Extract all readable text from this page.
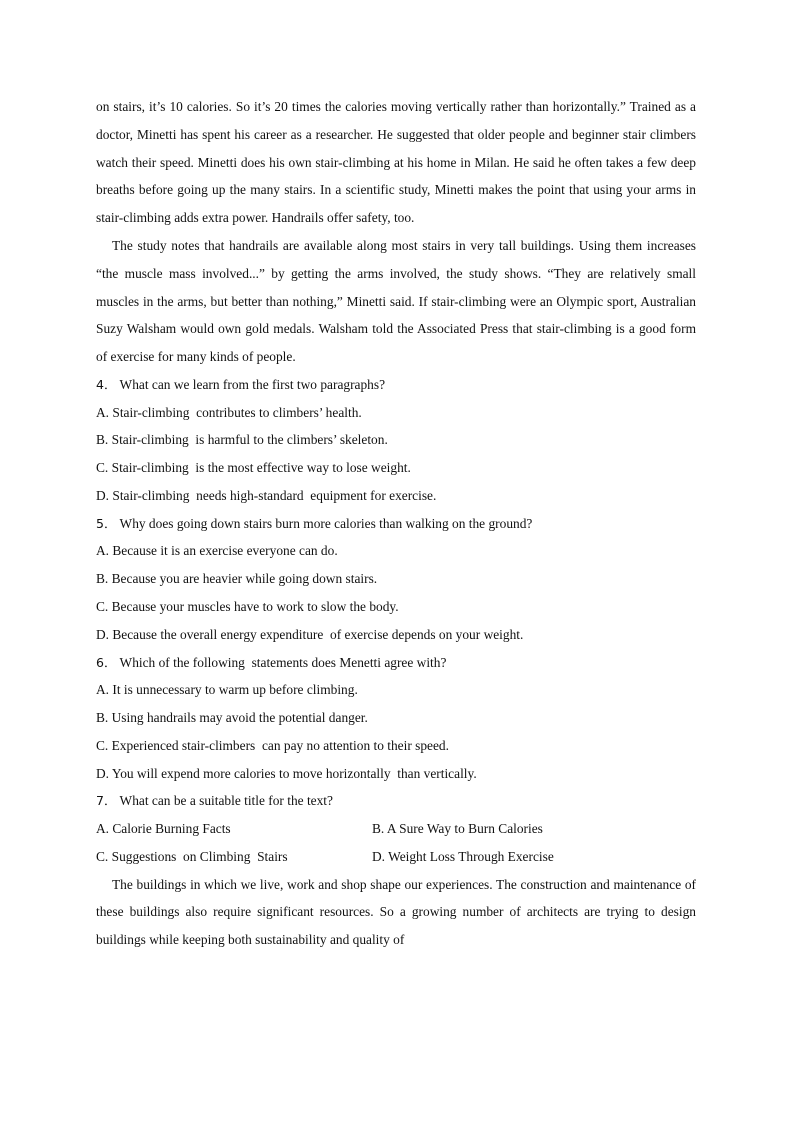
on stairs, it’s 10 calories. So it’s 20 times the calories moving vertically rather than horizontally.” Trained as a doctor, Minetti has spent his career as a researcher. He suggested that older people and beginner stair climbers watch their speed. Minetti does his own stair-climbing at his home in Milan. He said he often takes a few deep breaths before going up the many stairs. In a scientific study, Minetti makes the point that using your arms in stair-climbing adds extra power. Handrails offer safety, too.

The study notes that handrails are available along most stairs in very tall buildings. Using them increases “the muscle mass involved...” by getting the arms involved, the study shows. “They are relatively small muscles in the arms, but better than nothing,” Minetti said. If stair-climbing were an Olympic sport, Australian Suzy Walsham would own gold medals. Walsham told the Associated Press that stair-climbing is a good form of exercise for many kinds of people.

4． What can we learn from the first two paragraphs?

A. Stair-climbing  contributes to climbers’ health.

B. Stair-climbing  is harmful to the climbers’ skeleton.

C. Stair-climbing  is the most effective way to lose weight.

D. Stair-climbing  needs high-standard  equipment for exercise.

5． Why does going down stairs burn more calories than walking on the ground?

A. Because it is an exercise everyone can do.

B. Because you are heavier while going down stairs.

C. Because your muscles have to work to slow the body.

D. Because the overall energy expenditure  of exercise depends on your weight.

6． Which of the following  statements does Menetti agree with?

A. It is unnecessary to warm up before climbing.

B. Using handrails may avoid the potential danger.

C. Experienced stair-climbers  can pay no attention to their speed.

D. You will expend more calories to move horizontally  than vertically.

7． What can be a suitable title for the text?

A. Calorie Burning Facts	B. A Sure Way to Burn Calories
C. Suggestions  on Climbing  Stairs	D. Weight Loss Through Exercise

The buildings in which we live, work and shop shape our experiences. The construction and maintenance of these buildings also require significant resources. So a growing number of architects are trying to design buildings while keeping both sustainability and quality of
